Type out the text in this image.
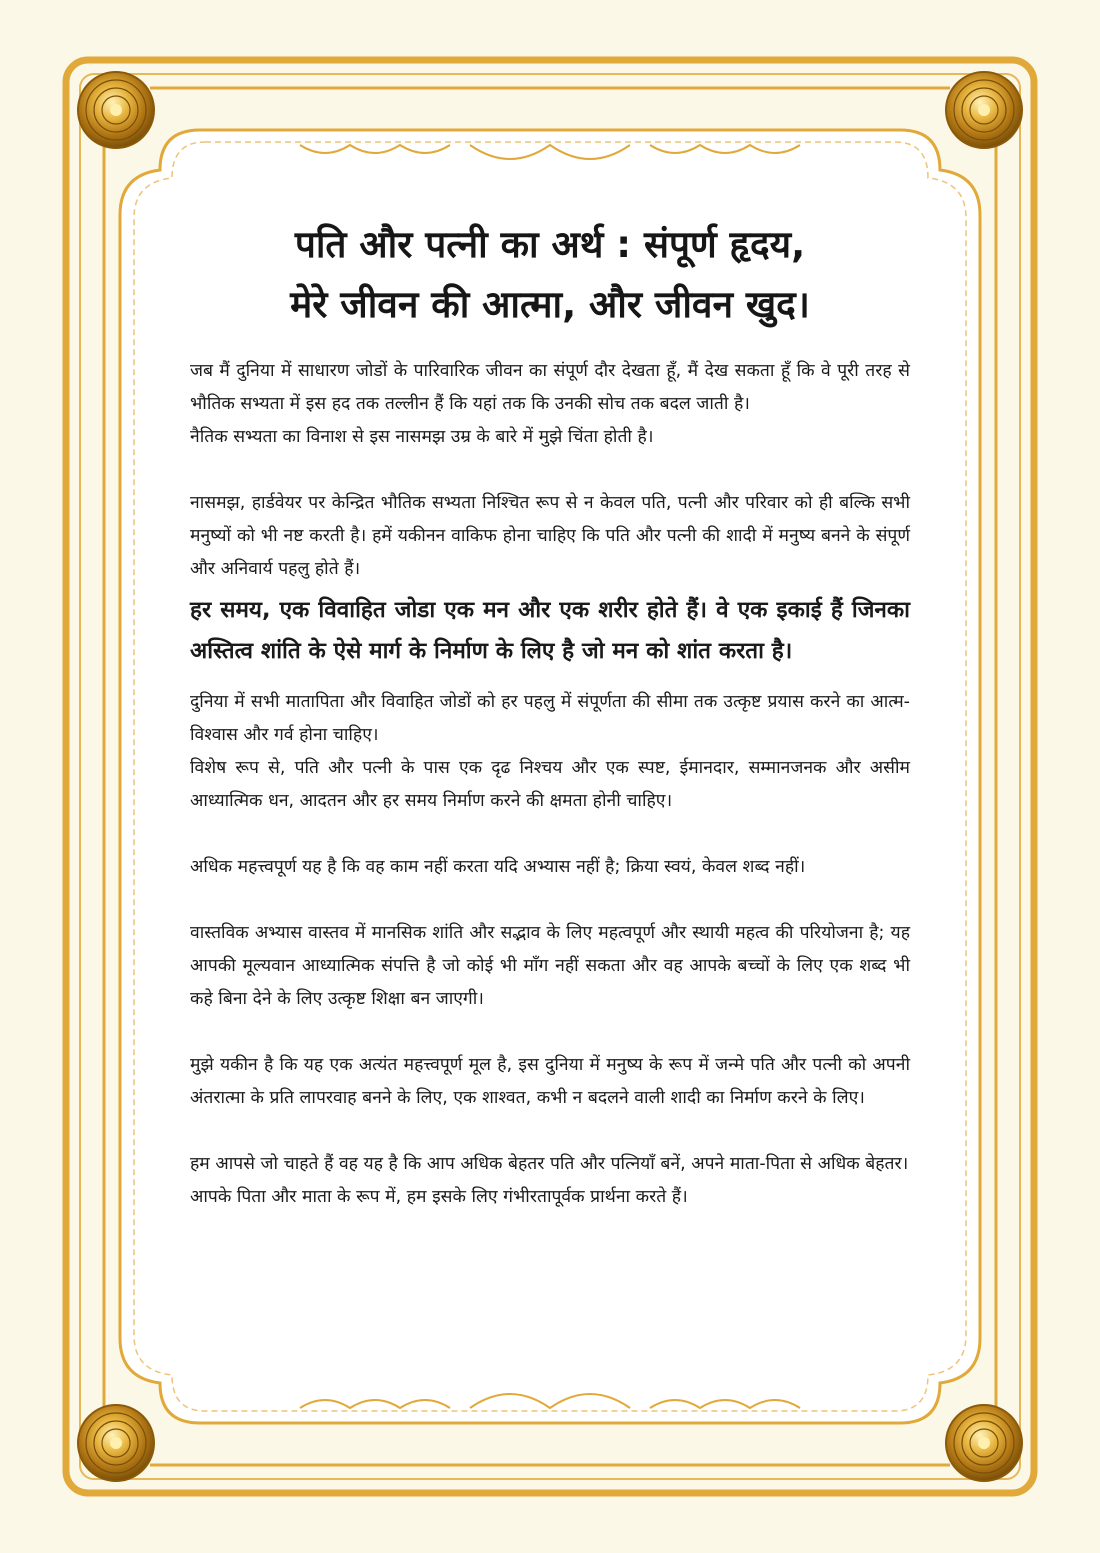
पति और पत्नी का अर्थ : संपूर्ण हृदय,
मेरे जीवन की आत्मा, और जीवन खुद।
जब मैं दुनिया में साधारण जोडों के पारिवारिक जीवन का संपूर्ण दौर देखता हूँ, मैं देख सकता हूँ कि वे पूरी तरह से भौतिक सभ्यता में इस हद तक तल्लीन हैं कि यहां तक कि उनकी सोच तक बदल जाती है।
नैतिक सभ्यता का विनाश से इस नासमझ उम्र के बारे में मुझे चिंता होती है।
नासमझ, हार्डवेयर पर केन्द्रित भौतिक सभ्यता निश्चित रूप से न केवल पति, पत्नी और परिवार को ही बल्कि सभी मनुष्यों को भी नष्ट करती है। हमें यकीनन वाकिफ होना चाहिए कि पति और पत्नी की शादी में मनुष्य बनने के संपूर्ण और अनिवार्य पहलु होते हैं।
हर समय, एक विवाहित जोडा एक मन और एक शरीर होते हैं। वे एक इकाई हैं जिनका अस्तित्व शांति के ऐसे मार्ग के निर्माण के लिए है जो मन को शांत करता है।
दुनिया में सभी मातापिता और विवाहित जोडों को हर पहलु में संपूर्णता की सीमा तक उत्कृष्ट प्रयास करने का आत्म-विश्वास और गर्व होना चाहिए।
विशेष रूप से, पति और पत्नी के पास एक दृढ निश्चय और एक स्पष्ट, ईमानदार, सम्मानजनक और असीम आध्यात्मिक धन, आदतन और हर समय निर्माण करने की क्षमता होनी चाहिए।
अधिक महत्त्वपूर्ण यह है कि वह काम नहीं करता यदि अभ्यास नहीं है; क्रिया स्वयं, केवल शब्द नहीं।
वास्तविक अभ्यास वास्तव में मानसिक शांति और सद्भाव के लिए महत्वपूर्ण और स्थायी महत्व की परियोजना है; यह आपकी मूल्यवान आध्यात्मिक संपत्ति है जो कोई भी माँग नहीं सकता और वह आपके बच्चों के लिए एक शब्द भी कहे बिना देने के लिए उत्कृष्ट शिक्षा बन जाएगी।
मुझे यकीन है कि यह एक अत्यंत महत्त्वपूर्ण मूल है, इस दुनिया में मनुष्य के रूप में जन्मे पति और पत्नी को अपनी अंतरात्मा के प्रति लापरवाह बनने के लिए, एक शाश्वत, कभी न बदलने वाली शादी का निर्माण करने के लिए।
हम आपसे जो चाहते हैं वह यह है कि आप अधिक बेहतर पति और पत्नियाँ बनें, अपने माता-पिता से अधिक बेहतर।
आपके पिता और माता के रूप में, हम इसके लिए गंभीरतापूर्वक प्रार्थना करते हैं।
